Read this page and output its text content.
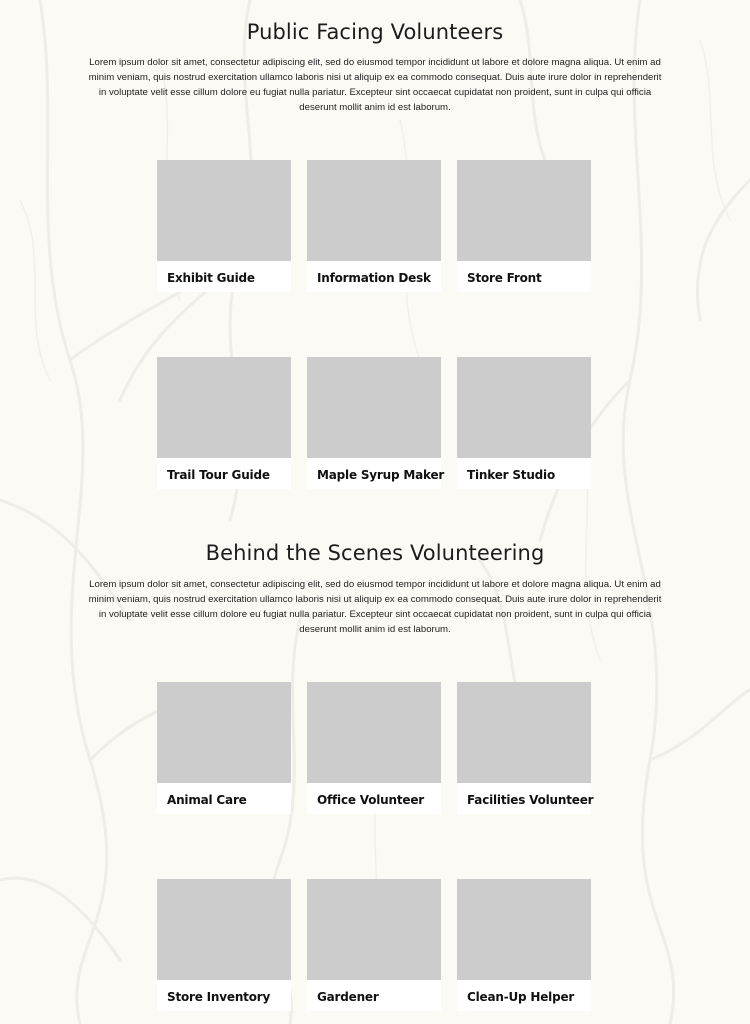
Public Facing Volunteers

Lorem ipsum dolor sit amet, consectetur adipiscing elit, sed do eiusmod tempor incididunt ut labore et dolore magna aliqua. Ut enim ad minim veniam, quis nostrud exercitation ullamco laboris nisi ut aliquip ex ea commodo consequat. Duis aute irure dolor in reprehenderit in voluptate velit esse cillum dolore eu fugiat nulla pariatur. Excepteur sint occaecat cupidatat non proident, sunt in culpa qui officia deserunt mollit anim id est laborum.

Exhibit Guide	Information Desk	Store Front
Trail Tour Guide	Maple Syrup Maker	Tinker Studio
Behind the Scenes Volunteering

Lorem ipsum dolor sit amet, consectetur adipiscing elit, sed do eiusmod tempor incididunt ut labore et dolore magna aliqua. Ut enim ad minim veniam, quis nostrud exercitation ullamco laboris nisi ut aliquip ex ea commodo consequat. Duis aute irure dolor in reprehenderit in voluptate velit esse cillum dolore eu fugiat nulla pariatur. Excepteur sint occaecat cupidatat non proident, sunt in culpa qui officia deserunt mollit anim id est laborum.

Animal Care	Office Volunteer	Facilities Volunteer
Store Inventory	Gardener	Clean-Up Helper
